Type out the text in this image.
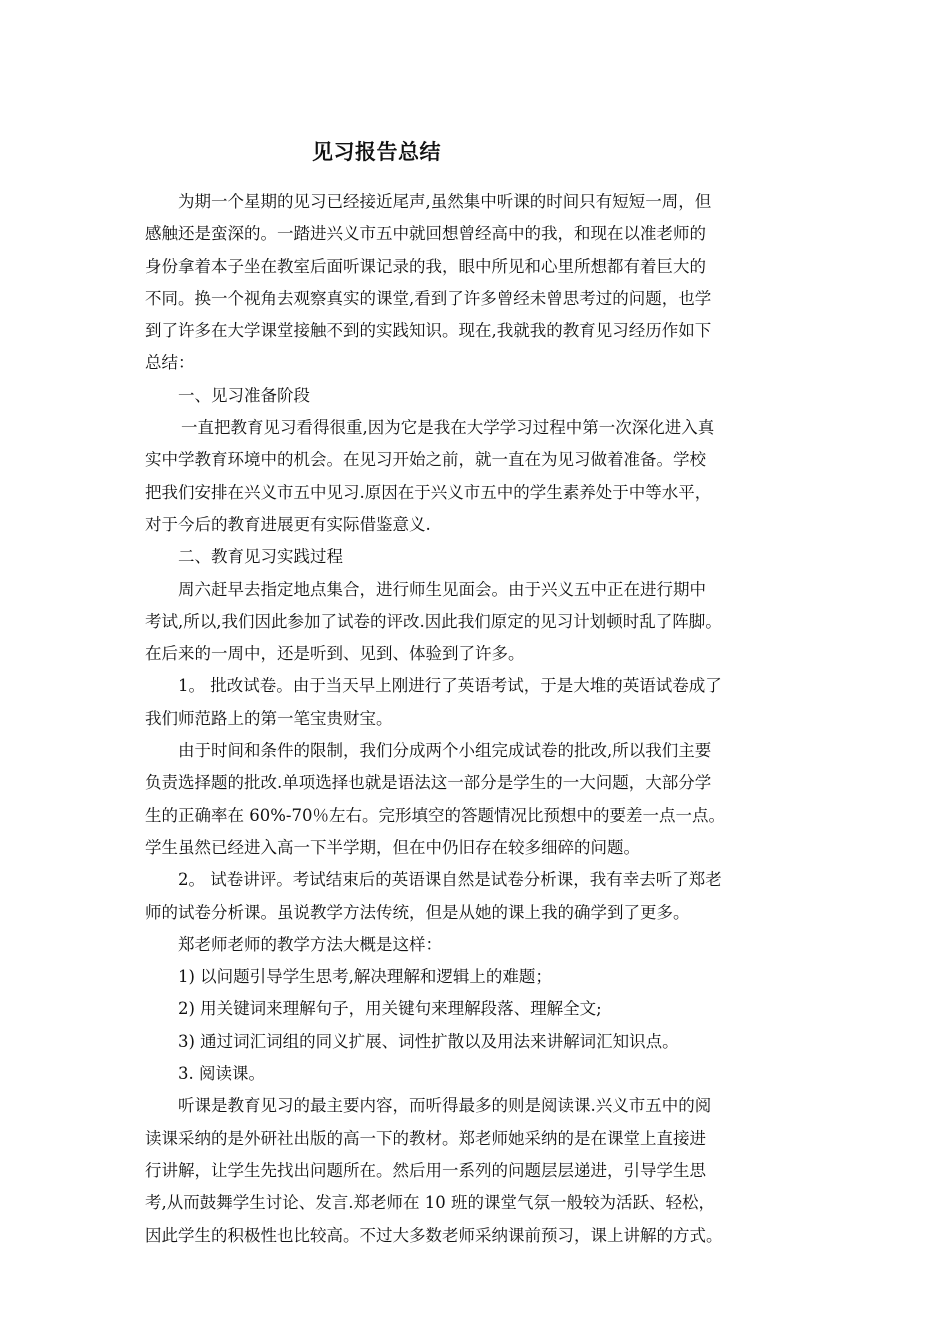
见习报告总结
为期一个星期的见习已经接近尾声,虽然集中听课的时间只有短短一周，但
感触还是蛮深的。一踏进兴义市五中就回想曾经高中的我，和现在以准老师的
身份拿着本子坐在教室后面听课记录的我，眼中所见和心里所想都有着巨大的
不同。换一个视角去观察真实的课堂,看到了许多曾经未曾思考过的问题，也学
到了许多在大学课堂接触不到的实践知识。现在,我就我的教育见习经历作如下
总结：
一、见习准备阶段
一直把教育见习看得很重,因为它是我在大学学习过程中第一次深化进入真
实中学教育环境中的机会。在见习开始之前，就一直在为见习做着准备。学校
把我们安排在兴义市五中见习.原因在于兴义市五中的学生素养处于中等水平，
对于今后的教育进展更有实际借鉴意义.
二、教育见习实践过程
周六赶早去指定地点集合，进行师生见面会。由于兴义五中正在进行期中
考试,所以,我们因此参加了试卷的评改.因此我们原定的见习计划顿时乱了阵脚。
在后来的一周中，还是听到、见到、体验到了许多。
1。 批改试卷。由于当天早上刚进行了英语考试，于是大堆的英语试卷成了
我们师范路上的第一笔宝贵财宝。
由于时间和条件的限制，我们分成两个小组完成试卷的批改,所以我们主要
负责选择题的批改.单项选择也就是语法这一部分是学生的一大问题，大部分学
生的正确率在 60%-70％左右。完形填空的答题情况比预想中的要差一点一点。
学生虽然已经进入高一下半学期，但在中仍旧存在较多细碎的问题。
2。 试卷讲评。考试结束后的英语课自然是试卷分析课，我有幸去听了郑老
师的试卷分析课。虽说教学方法传统，但是从她的课上我的确学到了更多。
郑老师老师的教学方法大概是这样：
1) 以问题引导学生思考,解决理解和逻辑上的难题；
2) 用关键词来理解句子，用关键句来理解段落、理解全文;
3) 通过词汇词组的同义扩展、词性扩散以及用法来讲解词汇知识点。
3. 阅读课。
听课是教育见习的最主要内容，而听得最多的则是阅读课.兴义市五中的阅
读课采纳的是外研社出版的高一下的教材。郑老师她采纳的是在课堂上直接进
行讲解，让学生先找出问题所在。然后用一系列的问题层层递进，引导学生思
考,从而鼓舞学生讨论、发言.郑老师在 10 班的课堂气氛一般较为活跃、轻松，
因此学生的积极性也比较高。不过大多数老师采纳课前预习，课上讲解的方式。
